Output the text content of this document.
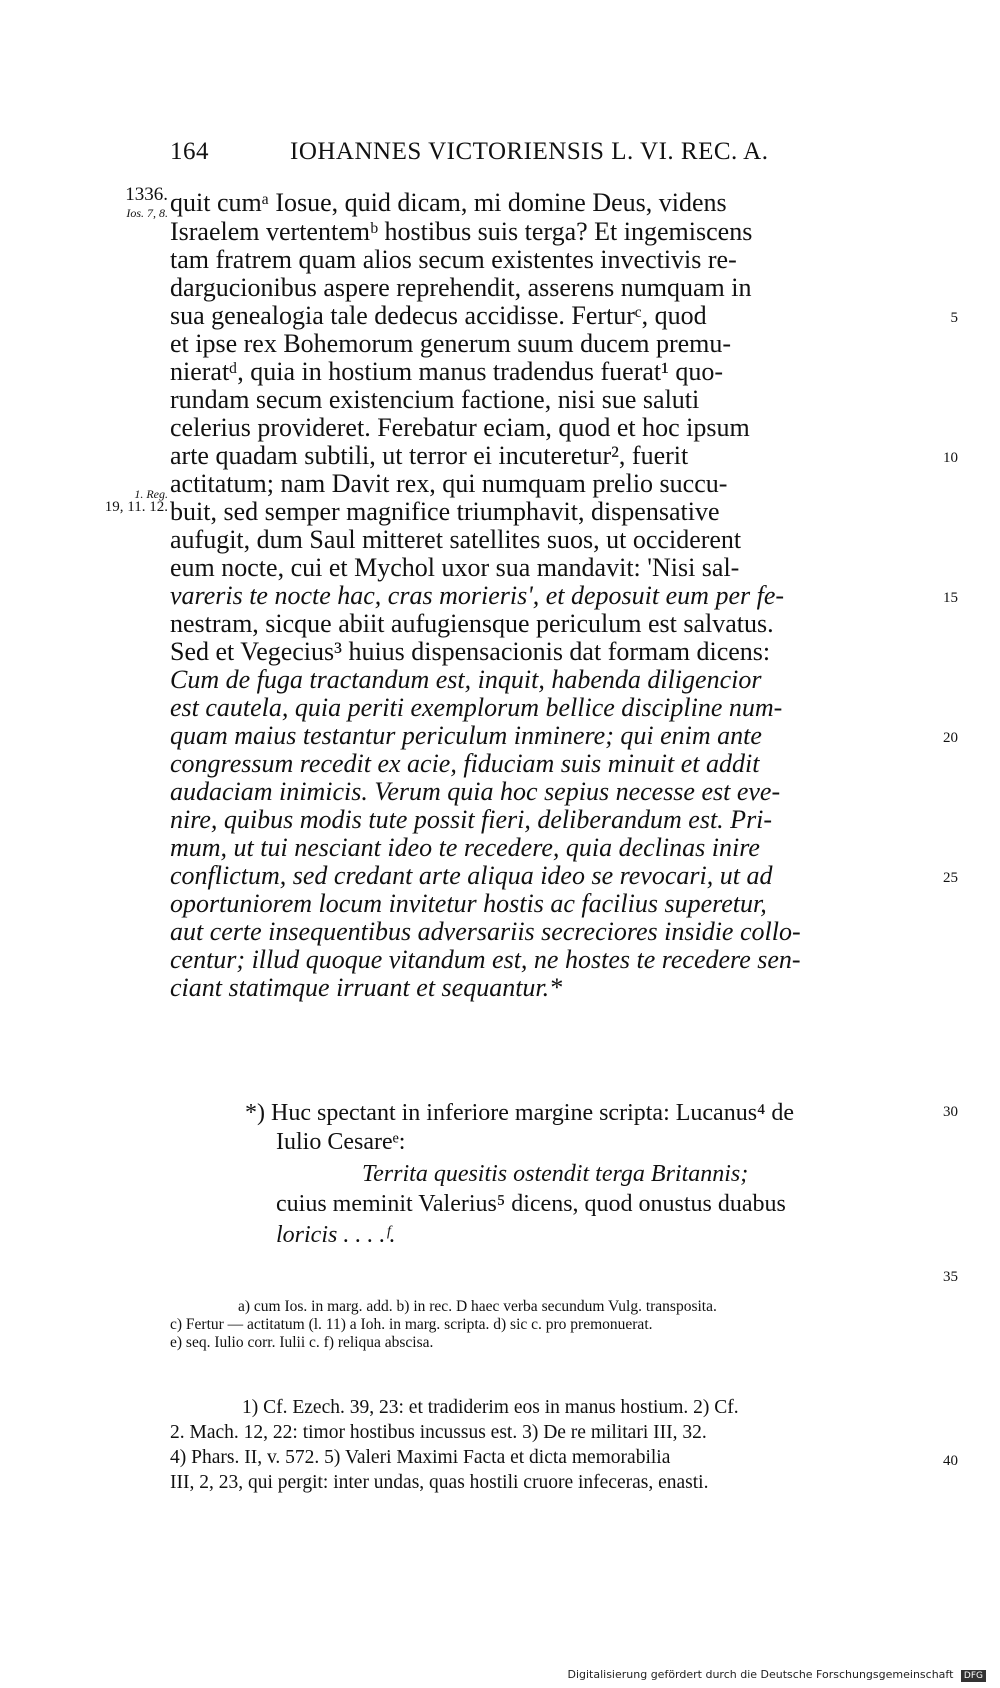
164	IOHANNES VICTORIENSIS L. VI. REC. A.
1336.
Ios. 7, 8.
1. Reg.
19, 11. 12.
quit cumᵃ Iosue, quid dicam, mi domine Deus, videns
Israelem vertentemᵇ hostibus suis terga? Et ingemiscens
tam fratrem quam alios secum existentes invectivis re-
dargucionibus aspere reprehendit, asserens numquam in
sua genealogia tale dedecus accidisse. Ferturᶜ, quod
et ipse rex Bohemorum generum suum ducem premu-
nieratᵈ, quia in hostium manus tradendus fuerat¹ quo-
rundam secum existencium factione, nisi sue saluti
celerius provideret. Ferebatur eciam, quod et hoc ipsum
arte quadam subtili, ut terror ei incuteretur², fuerit
actitatum; nam Davit rex, qui numquam prelio succu-
buit, sed semper magnifice triumphavit, dispensative
aufugit, dum Saul mitteret satellites suos, ut occiderent
eum nocte, cui et Mychol uxor sua mandavit: 'Nisi sal-
vareris te nocte hac, cras morieris', et deposuit eum per fe-
nestram, sicque abiit aufugiensque periculum est salvatus.
Sed et Vegecius³ huius dispensacionis dat formam dicens:
Cum de fuga tractandum est, inquit, habenda diligencior
est cautela, quia periti exemplorum bellice discipline num-
quam maius testantur periculum inminere; qui enim ante
congressum recedit ex acie, fiduciam suis minuit et addit
audaciam inimicis. Verum quia hoc sepius necesse est eve-
nire, quibus modis tute possit fieri, deliberandum est. Pri-
mum, ut tui nesciant ideo te recedere, quia declinas inire
conflictum, sed credant arte aliqua ideo se revocari, ut ad
oportuniorem locum invitetur hostis ac facilius superetur,
aut certe insequentibus adversariis secreciores insidie collo-
centur; illud quoque vitandum est, ne hostes te recedere sen-
ciant statimque irruant et sequantur.*
5
10
15
20
25
30
35
40
*) Huc spectant in inferiore margine scripta: Lucanus⁴ de
Iulio Cesareᵉ:
Territa quesitis ostendit terga Britannis;
cuius meminit Valerius⁵ dicens, quod onustus duabus
loricis . . . .ᶠ.
a) cum Ios. in marg. add. b) in rec. D haec verba secundum Vulg. transposita.
c) Fertur — actitatum (l. 11) a Ioh. in marg. scripta. d) sic c. pro premonuerat.
e) seq. Iulio corr. Iulii c. f) reliqua abscisa.
1) Cf. Ezech. 39, 23: et tradiderim eos in manus hostium. 2) Cf.
2. Mach. 12, 22: timor hostibus incussus est. 3) De re militari III, 32.
4) Phars. II, v. 572. 5) Valeri Maximi Facta et dicta memorabilia
III, 2, 23, qui pergit: inter undas, quas hostili cruore infeceras, enasti.
Digitalisierung gefördert durch die Deutsche Forschungsgemeinschaft DFG
